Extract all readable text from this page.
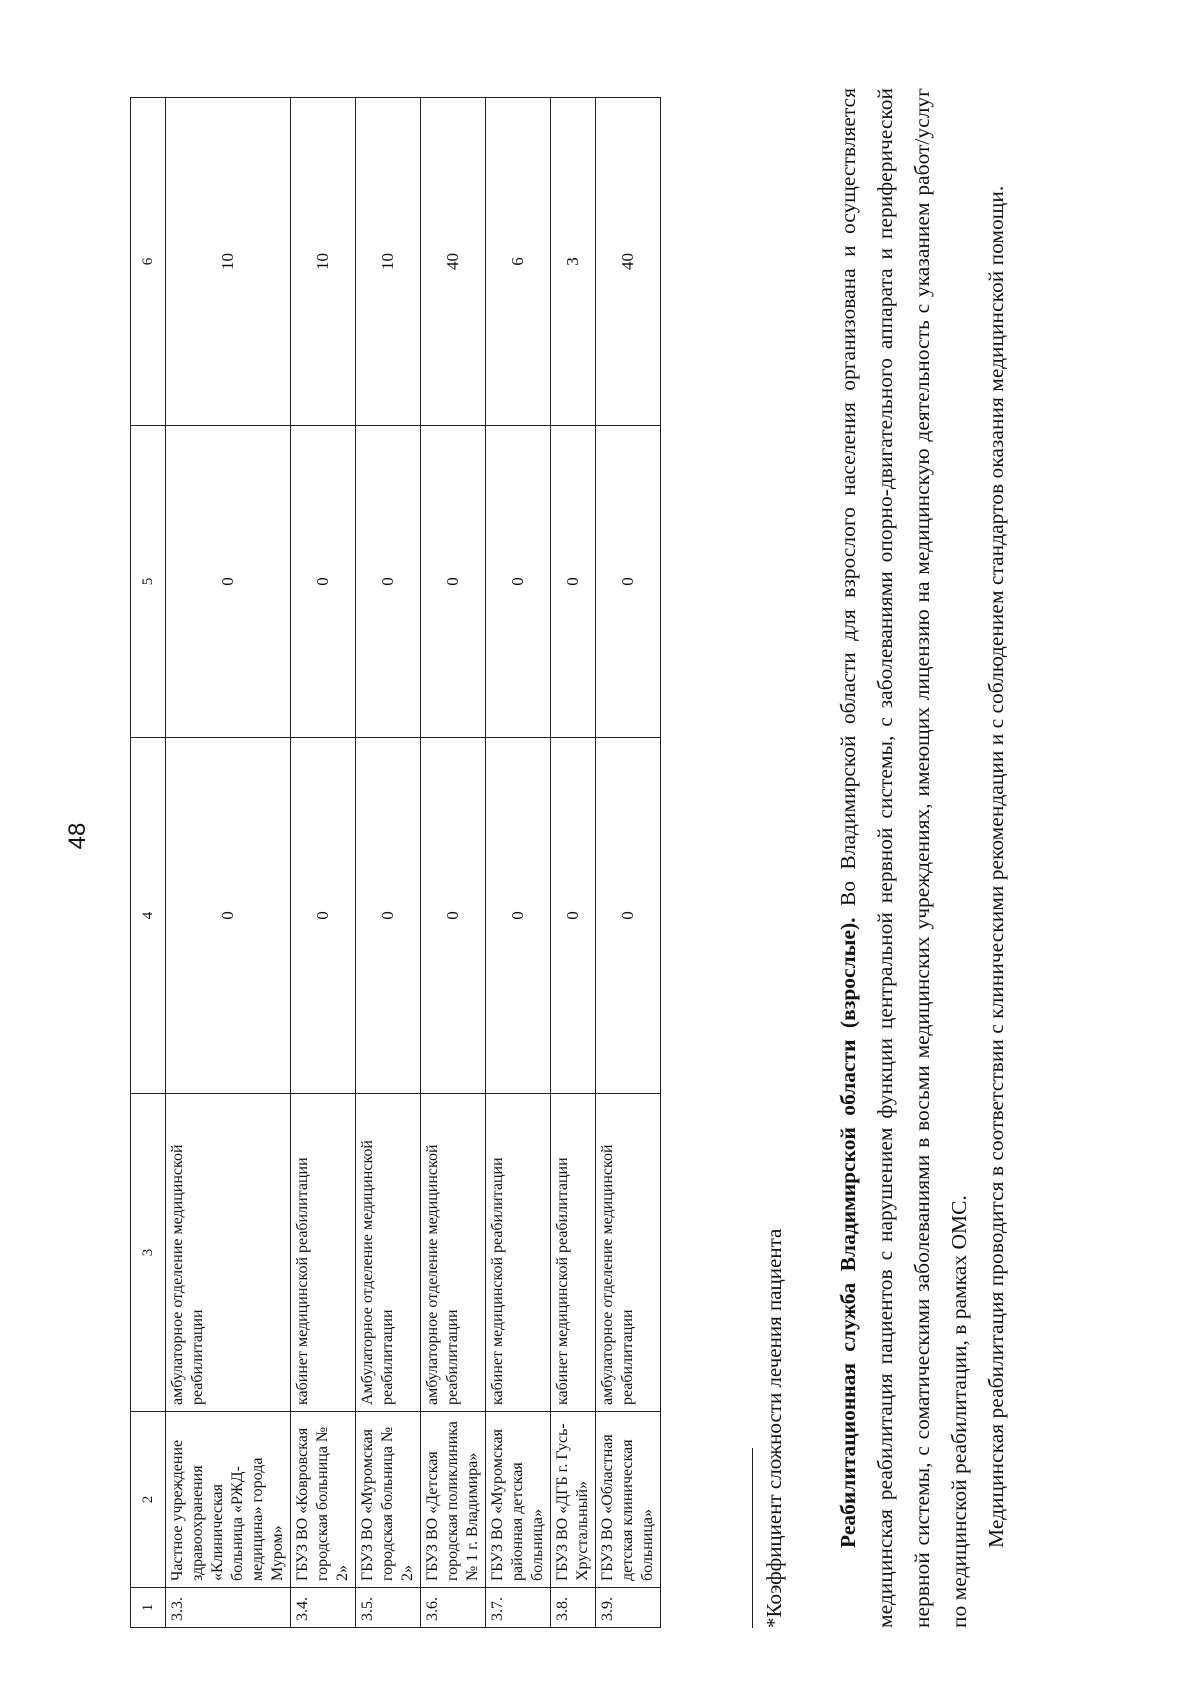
48
1	2	3	4	5	6
3.3.	Частное учреждение здравоохранения «Клиническая больница «РЖД-медицина» города Муром»	амбулаторное отделение медицинской реабилитации	0	0	10
3.4.	ГБУЗ ВО «Ковровская городская больница № 2»	кабинет медицинской реабилитации	0	0	10
3.5.	ГБУЗ ВО «Муромская городская больница № 2»	Амбулаторное отделение медицинской реабилитации	0	0	10
3.6.	ГБУЗ ВО «Детская городская поликлиника № 1 г. Владимира»	амбулаторное отделение медицинской реабилитации	0	0	40
3.7.	ГБУЗ ВО «Муромская районная детская больница»	кабинет медицинской реабилитации	0	0	6
3.8.	ГБУЗ ВО «ДГБ г. Гусь-Хрустальный»	кабинет медицинской реабилитации	0	0	3
3.9.	ГБУЗ ВО «Областная детская клиническая больница»	амбулаторное отделение медицинской реабилитации	0	0	40
*Коэффициент сложности лечения пациента Реабилитационная служба Владимирской области (взрослые). Во Владимирской области для взрослого населения организована и осуществляется медицинская реабилитация пациентов с нарушением функции центральной нервной системы, с заболеваниями опорно-двигательного аппарата и периферической нервной системы, с соматическими заболеваниями в восьми медицинских учреждениях, имеющих лицензию на медицинскую деятельность с указанием работ/услуг по медицинской реабилитации, в рамках ОМС. Медицинская реабилитация проводится в соответствии с клиническими рекомендации и с соблюдением стандартов оказания медицинской помощи.
